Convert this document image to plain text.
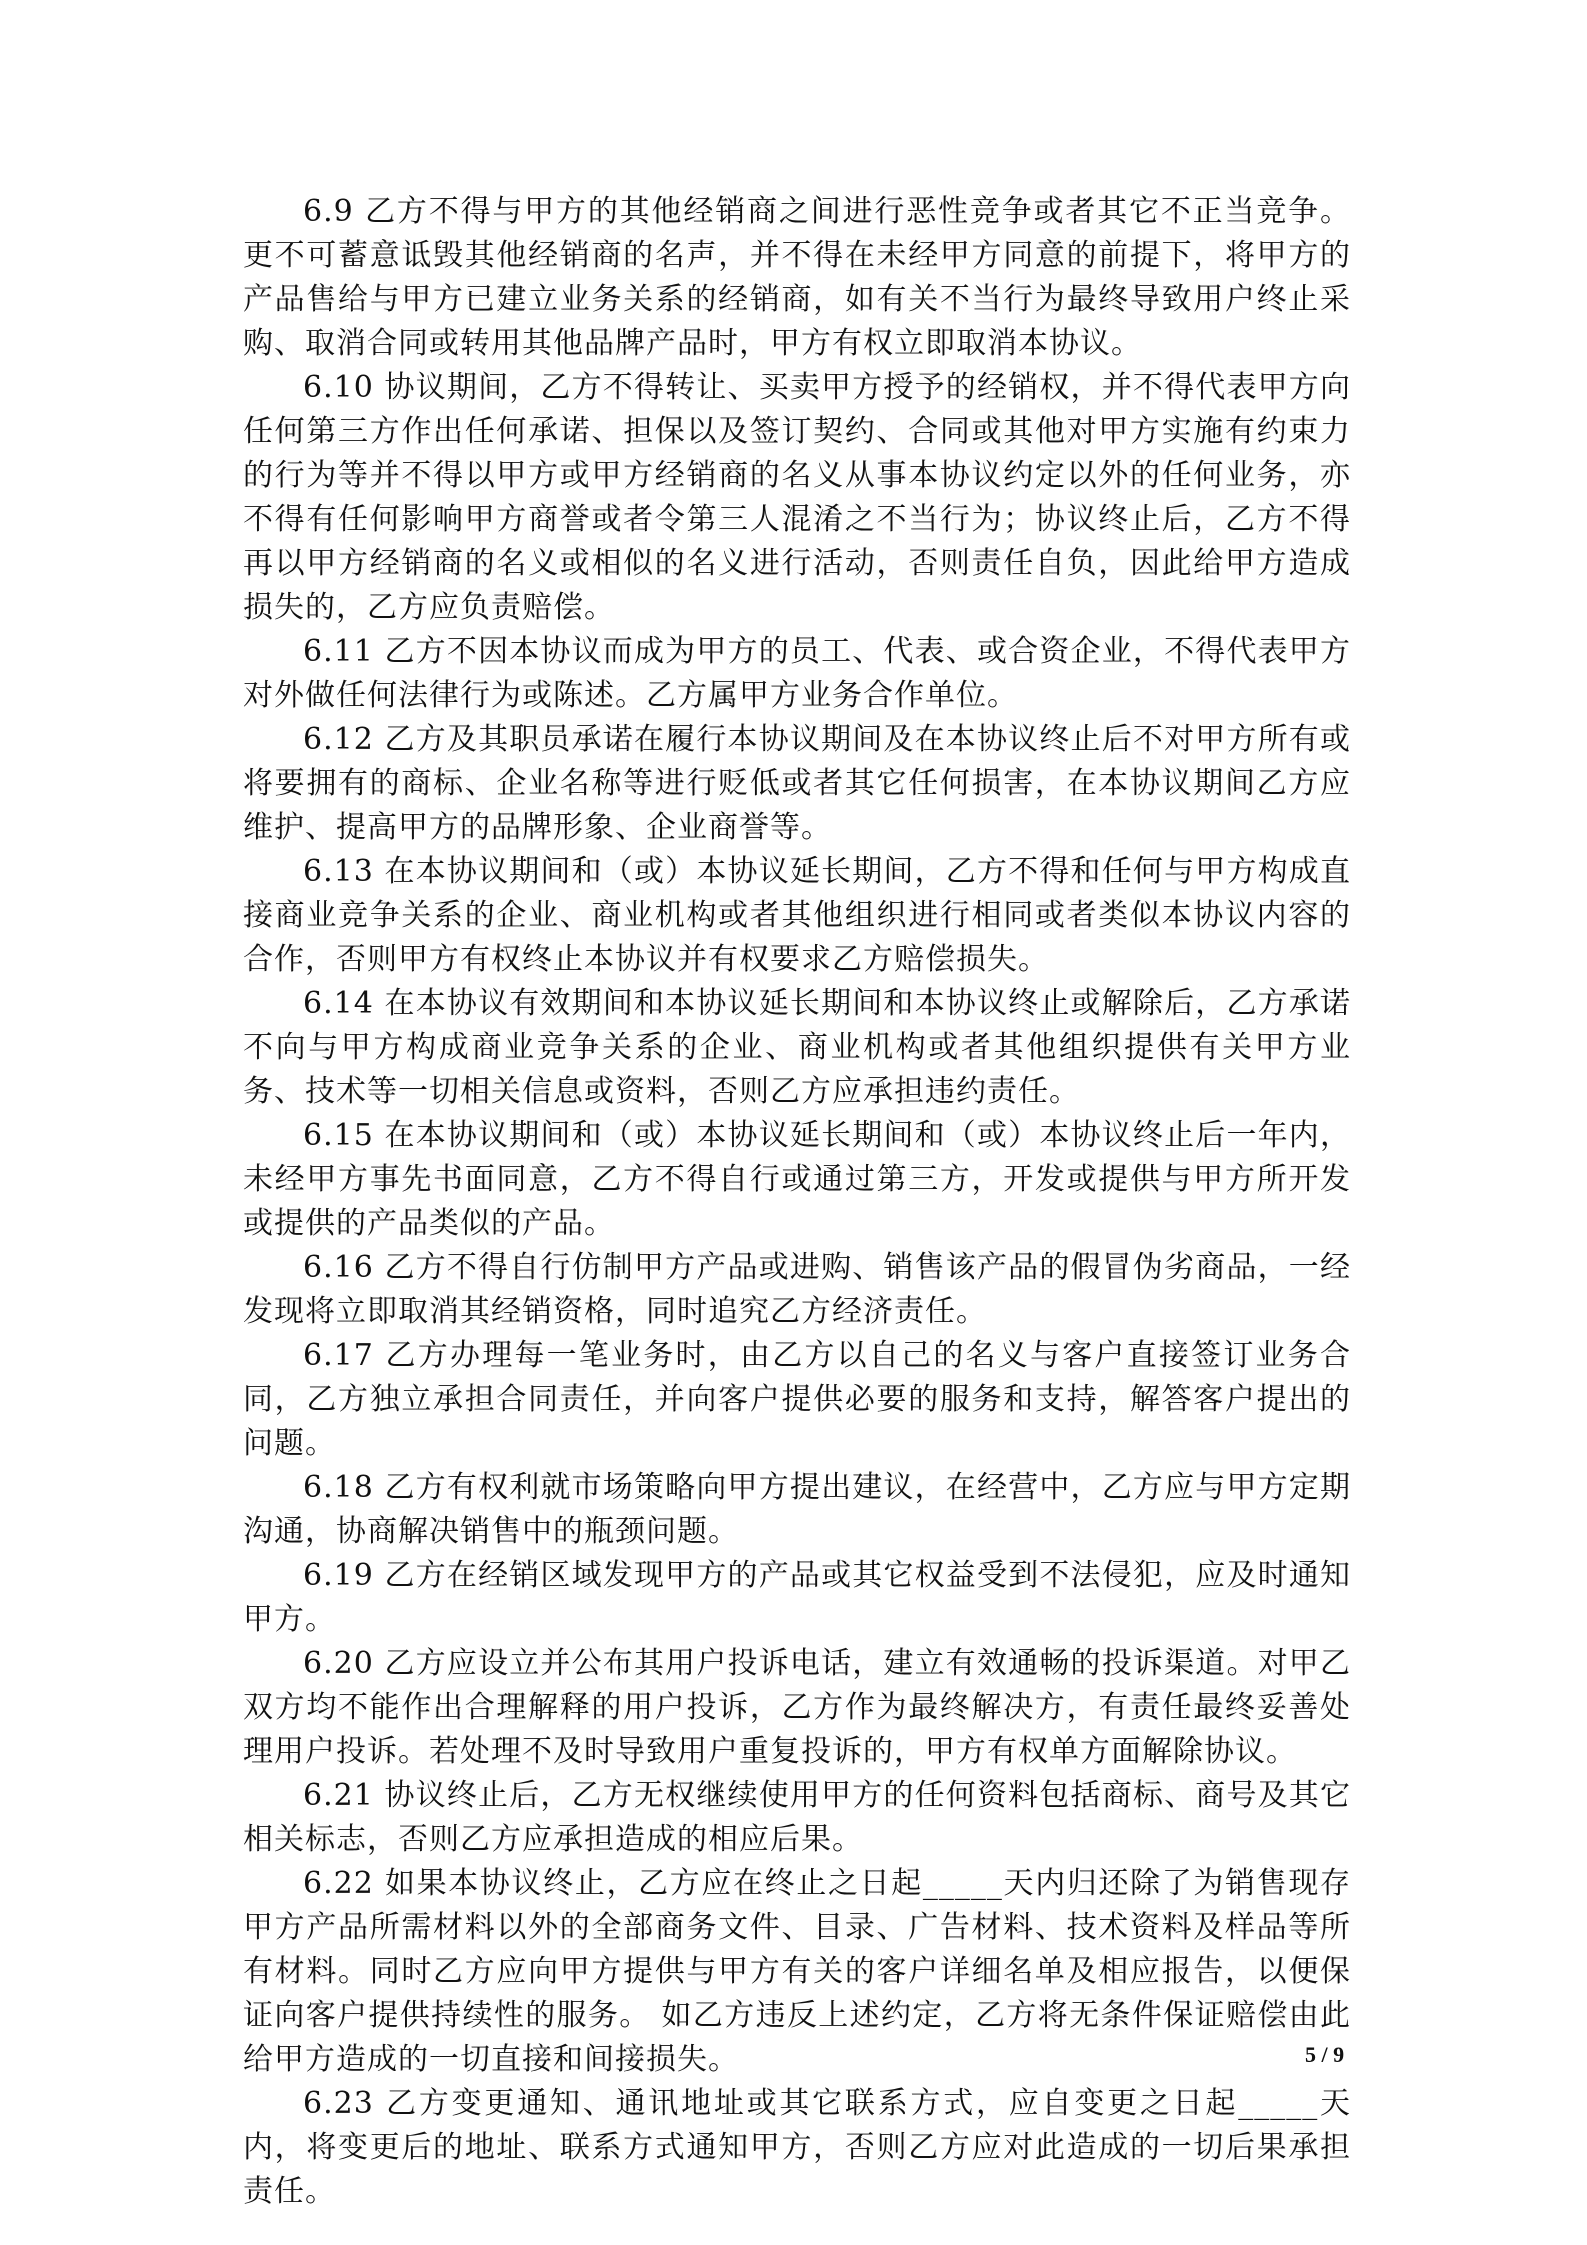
6.9 乙方不得与甲方的其他经销商之间进行恶性竞争或者其它不正当竞争。更不可蓄意诋毁其他经销商的名声，并不得在未经甲方同意的前提下，将甲方的产品售给与甲方已建立业务关系的经销商，如有关不当行为最终导致用户终止采购、取消合同或转用其他品牌产品时，甲方有权立即取消本协议。

6.10 协议期间，乙方不得转让、买卖甲方授予的经销权，并不得代表甲方向任何第三方作出任何承诺、担保以及签订契约、合同或其他对甲方实施有约束力的行为等并不得以甲方或甲方经销商的名义从事本协议约定以外的任何业务，亦不得有任何影响甲方商誉或者令第三人混淆之不当行为；协议终止后，乙方不得再以甲方经销商的名义或相似的名义进行活动，否则责任自负，因此给甲方造成损失的，乙方应负责赔偿。

6.11 乙方不因本协议而成为甲方的员工、代表、或合资企业，不得代表甲方对外做任何法律行为或陈述。乙方属甲方业务合作单位。

6.12 乙方及其职员承诺在履行本协议期间及在本协议终止后不对甲方所有或将要拥有的商标、企业名称等进行贬低或者其它任何损害，在本协议期间乙方应维护、提高甲方的品牌形象、企业商誉等。

6.13 在本协议期间和（或）本协议延长期间，乙方不得和任何与甲方构成直接商业竞争关系的企业、商业机构或者其他组织进行相同或者类似本协议内容的合作，否则甲方有权终止本协议并有权要求乙方赔偿损失。

6.14 在本协议有效期间和本协议延长期间和本协议终止或解除后，乙方承诺不向与甲方构成商业竞争关系的企业、商业机构或者其他组织提供有关甲方业务、技术等一切相关信息或资料，否则乙方应承担违约责任。

6.15 在本协议期间和（或）本协议延长期间和（或）本协议终止后一年内，未经甲方事先书面同意，乙方不得自行或通过第三方，开发或提供与甲方所开发或提供的产品类似的产品。

6.16 乙方不得自行仿制甲方产品或进购、销售该产品的假冒伪劣商品，一经发现将立即取消其经销资格，同时追究乙方经济责任。

6.17 乙方办理每一笔业务时，由乙方以自己的名义与客户直接签订业务合同，乙方独立承担合同责任，并向客户提供必要的服务和支持，解答客户提出的问题。

6.18 乙方有权利就市场策略向甲方提出建议，在经营中，乙方应与甲方定期沟通，协商解决销售中的瓶颈问题。

6.19 乙方在经销区域发现甲方的产品或其它权益受到不法侵犯，应及时通知甲方。

6.20 乙方应设立并公布其用户投诉电话，建立有效通畅的投诉渠道。对甲乙双方均不能作出合理解释的用户投诉，乙方作为最终解决方，有责任最终妥善处理用户投诉。若处理不及时导致用户重复投诉的，甲方有权单方面解除协议。

6.21 协议终止后，乙方无权继续使用甲方的任何资料包括商标、商号及其它相关标志，否则乙方应承担造成的相应后果。

6.22 如果本协议终止，乙方应在终止之日起_____天内归还除了为销售现存甲方产品所需材料以外的全部商务文件、目录、广告材料、技术资料及样品等所有材料。同时乙方应向甲方提供与甲方有关的客户详细名单及相应报告，以便保证向客户提供持续性的服务。 如乙方违反上述约定，乙方将无条件保证赔偿由此给甲方造成的一切直接和间接损失。

6.23 乙方变更通知、通讯地址或其它联系方式，应自变更之日起_____天内，将变更后的地址、联系方式通知甲方，否则乙方应对此造成的一切后果承担责任。

5 / 9
